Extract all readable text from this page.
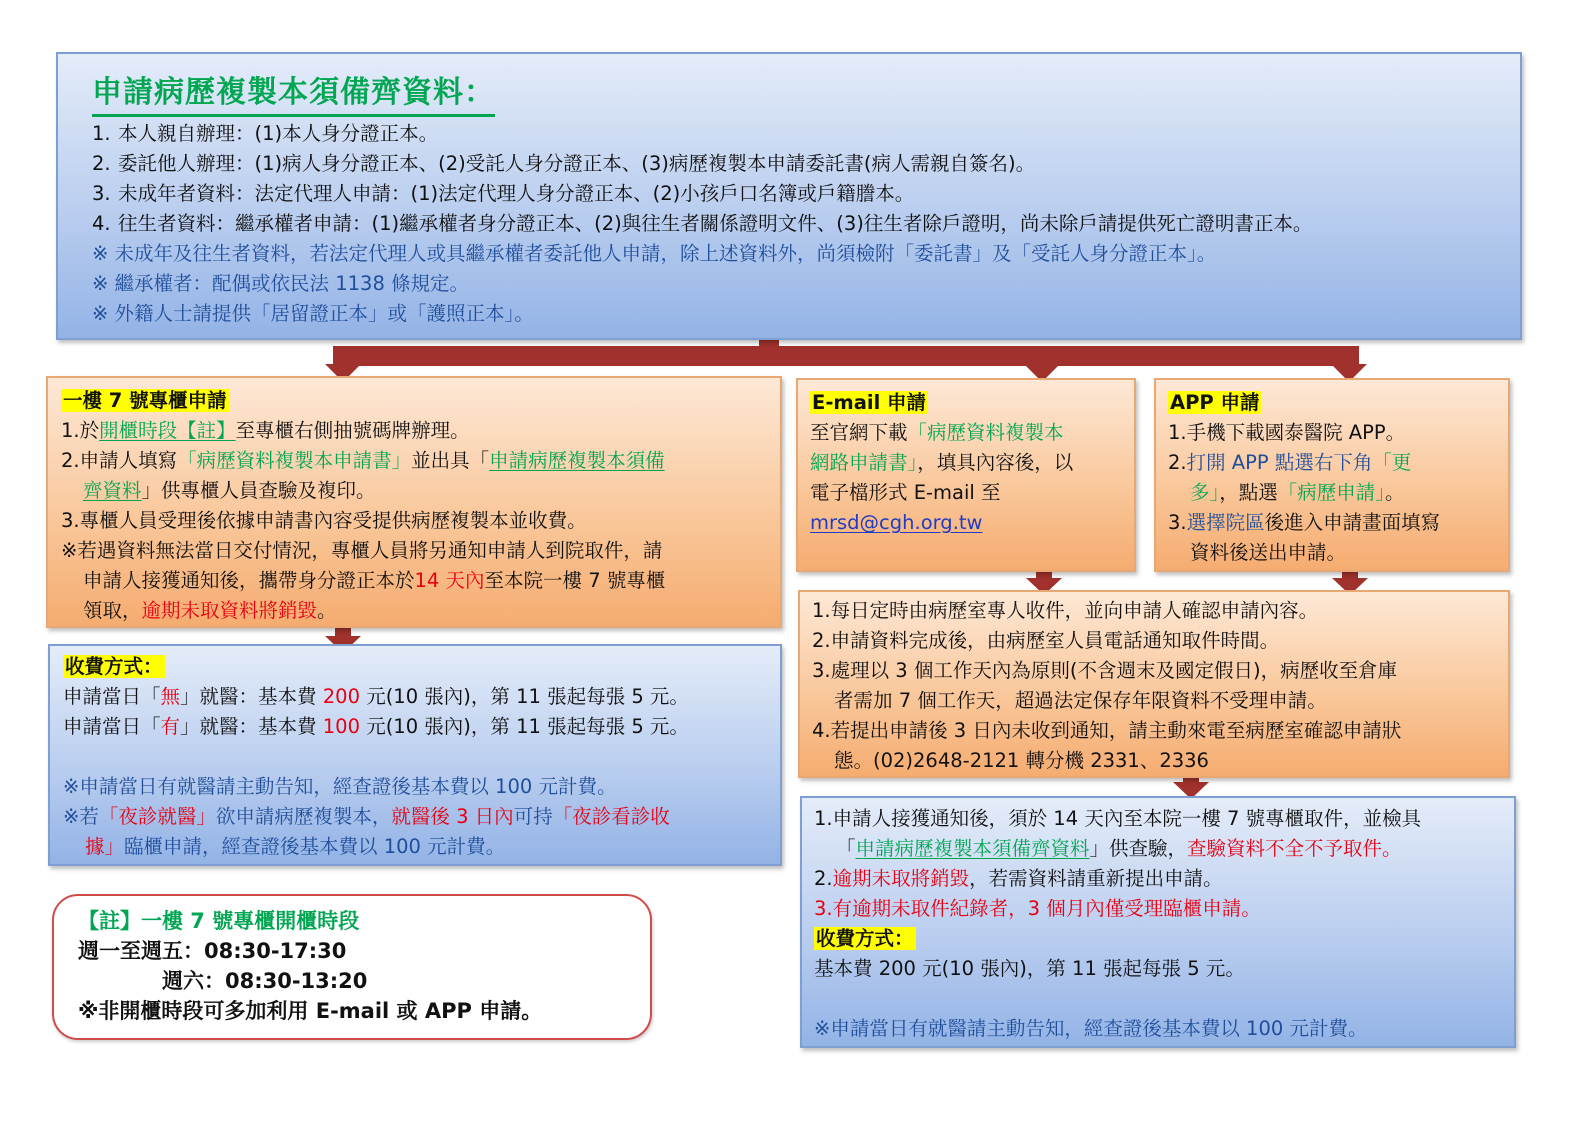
申請病歷複製本須備齊資料：
1. 本人親自辦理：(1)本人身分證正本。
2. 委託他人辦理：(1)病人身分證正本、(2)受託人身分證正本、(3)病歷複製本申請委託書(病人需親自簽名)。
3. 未成年者資料：法定代理人申請：(1)法定代理人身分證正本、(2)小孩戶口名簿或戶籍謄本。
4. 往生者資料：繼承權者申請：(1)繼承權者身分證正本、(2)與往生者關係證明文件、(3)往生者除戶證明，尚未除戶請提供死亡證明書正本。
※ 未成年及往生者資料，若法定代理人或具繼承權者委託他人申請，除上述資料外，尚須檢附「委託書」及「受託人身分證正本」。
※ 繼承權者：配偶或依民法 1138 條規定。
※ 外籍人士請提供「居留證正本」或「護照正本」。
一樓 7 號專櫃申請
1.於開櫃時段【註】至專櫃右側抽號碼牌辦理。
2.申請人填寫「病歷資料複製本申請書」並出具「申請病歷複製本須備
齊資料」供專櫃人員查驗及複印。
3.專櫃人員受理後依據申請書內容受提供病歷複製本並收費。
※若遇資料無法當日交付情況，專櫃人員將另通知申請人到院取件，請
申請人接獲通知後，攜帶身分證正本於14 天內至本院一樓 7 號專櫃
領取，逾期未取資料將銷毀。
E-mail 申請
至官網下載「病歷資料複製本
網路申請書」，填具內容後，以
電子檔形式 E-mail 至
mrsd@cgh.org.tw
APP 申請
1.手機下載國泰醫院 APP。
2.打開 APP 點選右下角「更
多」，點選「病歷申請」。
3.選擇院區後進入申請畫面填寫
資料後送出申請。
收費方式：
申請當日「無」就醫：基本費 200 元(10 張內)，第 11 張起每張 5 元。
申請當日「有」就醫：基本費 100 元(10 張內)，第 11 張起每張 5 元。

※申請當日有就醫請主動告知，經查證後基本費以 100 元計費。
※若「夜診就醫」欲申請病歷複製本，就醫後 3 日內可持「夜診看診收
據」臨櫃申請，經查證後基本費以 100 元計費。
1.每日定時由病歷室專人收件，並向申請人確認申請內容。
2.申請資料完成後，由病歷室人員電話通知取件時間。
3.處理以 3 個工作天內為原則(不含週末及國定假日)，病歷收至倉庫
者需加 7 個工作天，超過法定保存年限資料不受理申請。
4.若提出申請後 3 日內未收到通知，請主動來電至病歷室確認申請狀
態。(02)2648-2121 轉分機 2331、2336
1.申請人接獲通知後，須於 14 天內至本院一樓 7 號專櫃取件，並檢具
「申請病歷複製本須備齊資料」供查驗，查驗資料不全不予取件。
2.逾期未取將銷毀，若需資料請重新提出申請。
3.有逾期未取件紀錄者，3 個月內僅受理臨櫃申請。
收費方式：
基本費 200 元(10 張內)，第 11 張起每張 5 元。

※申請當日有就醫請主動告知，經查證後基本費以 100 元計費。
【註】一樓 7 號專櫃開櫃時段
週一至週五：08:30-17:30
週六：08:30-13:20
※非開櫃時段可多加利用 E-mail 或 APP 申請。
